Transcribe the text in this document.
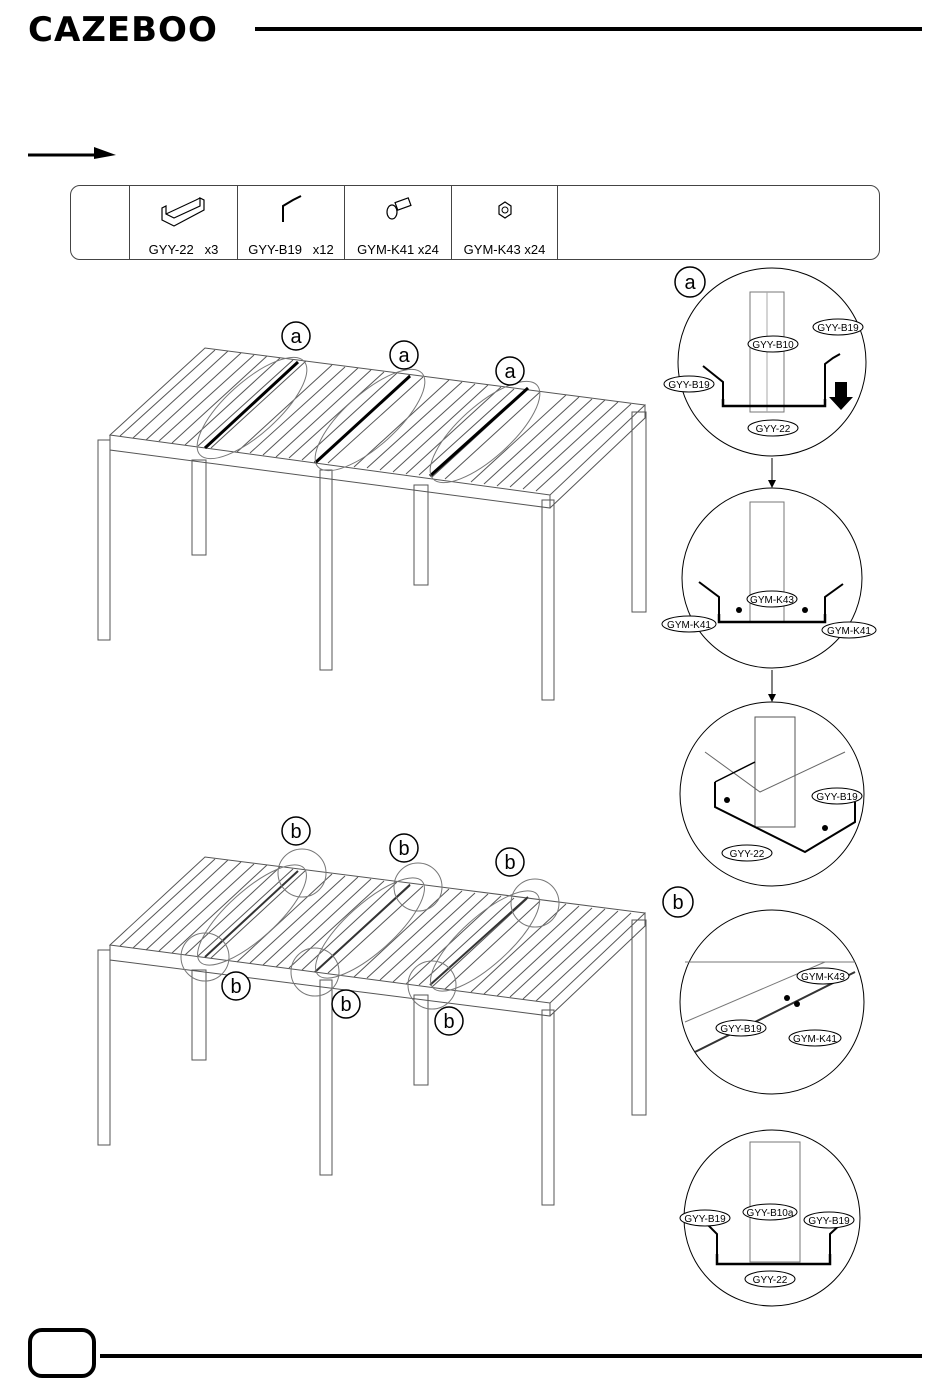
CAZEBOO
GYY-22 x3	GYY-B19 x12	GYM-K41 x24	GYM-K43 x24
a
a
a
b
b
b
b
b
b
a
GYY-B10
GYY-B19
GYY-B19
GYY-22
GYM-K43
GYM-K41
GYM-K41
GYY-B19
GYY-22
b
GYM-K43
GYY-B19
GYM-K41
GYY-B10a
GYY-B19	GYY-B19
GYY-22
